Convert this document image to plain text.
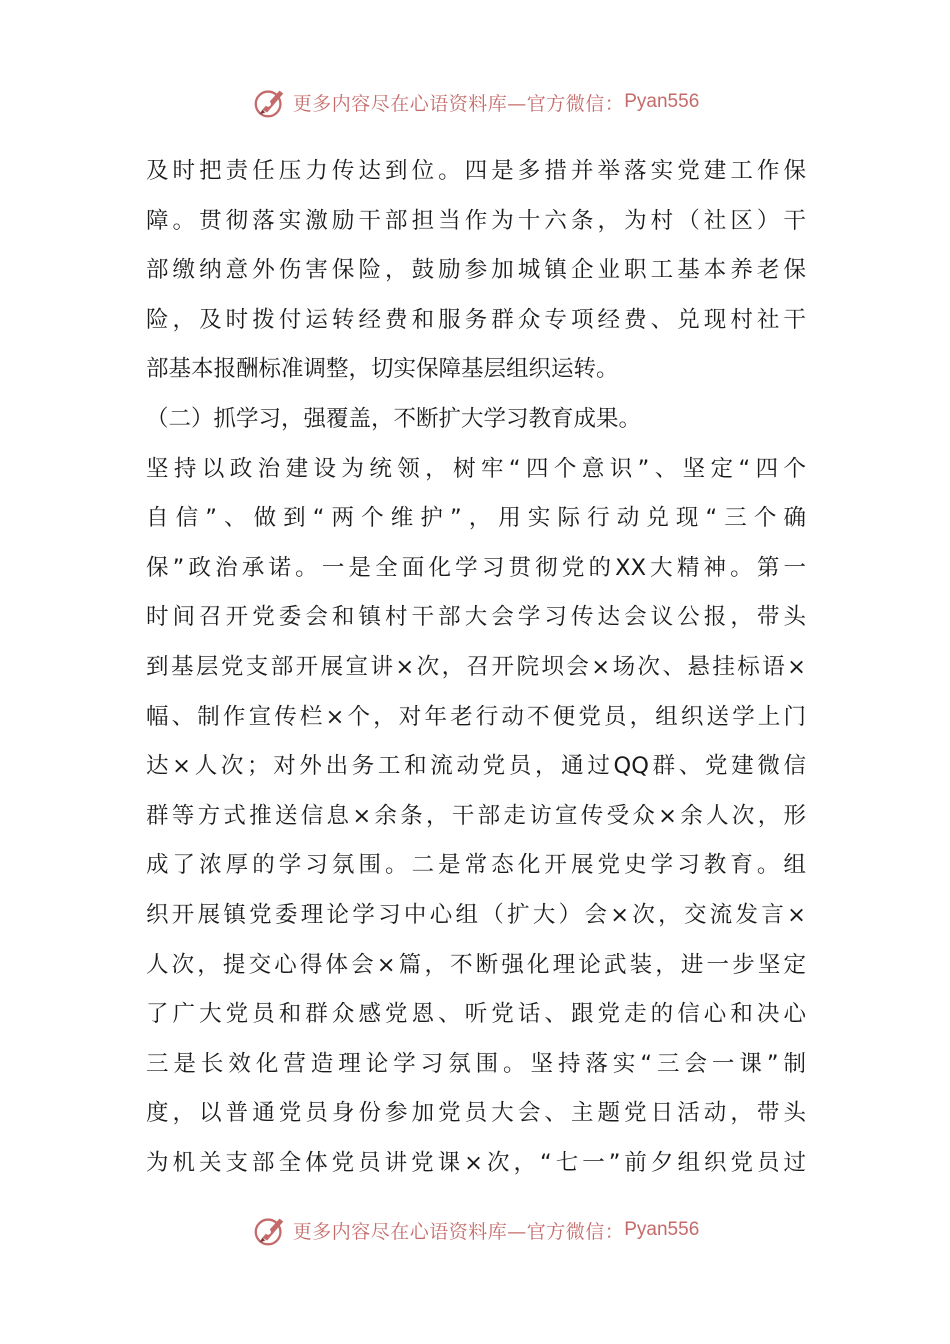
更多内容尽在心语资料库—官方微信： Pyan556
及时把责任压力传达到位。四是多措并举落实党建工作保
障。贯彻落实激励干部担当作为十六条，为村（社区）干
部缴纳意外伤害保险，鼓励参加城镇企业职工基本养老保
险，及时拨付运转经费和服务群众专项经费、兑现村社干
部基本报酬标准调整，切实保障基层组织运转。
（二）抓学习，强覆盖，不断扩大学习教育成果。
坚持以政治建设为统领，树牢“四个意识”、坚定“四个
自信”、做到“两个维护”，用实际行动兑现“三个确
保”政治承诺。一是全面化学习贯彻党的XX大精神。第一
时间召开党委会和镇村干部大会学习传达会议公报，带头
到基层党支部开展宣讲×次，召开院坝会×场次、悬挂标语×
幅、制作宣传栏×个，对年老行动不便党员，组织送学上门
达×人次；对外出务工和流动党员，通过QQ群、党建微信
群等方式推送信息×余条，干部走访宣传受众×余人次，形
成了浓厚的学习氛围。二是常态化开展党史学习教育。组
织开展镇党委理论学习中心组（扩大）会×次，交流发言×
人次，提交心得体会×篇，不断强化理论武装，进一步坚定
了广大党员和群众感党恩、听党话、跟党走的信心和决心
三是长效化营造理论学习氛围。坚持落实“三会一课”制
度，以普通党员身份参加党员大会、主题党日活动，带头
为机关支部全体党员讲党课×次，“七一”前夕组织党员过
更多内容尽在心语资料库—官方微信： Pyan556
